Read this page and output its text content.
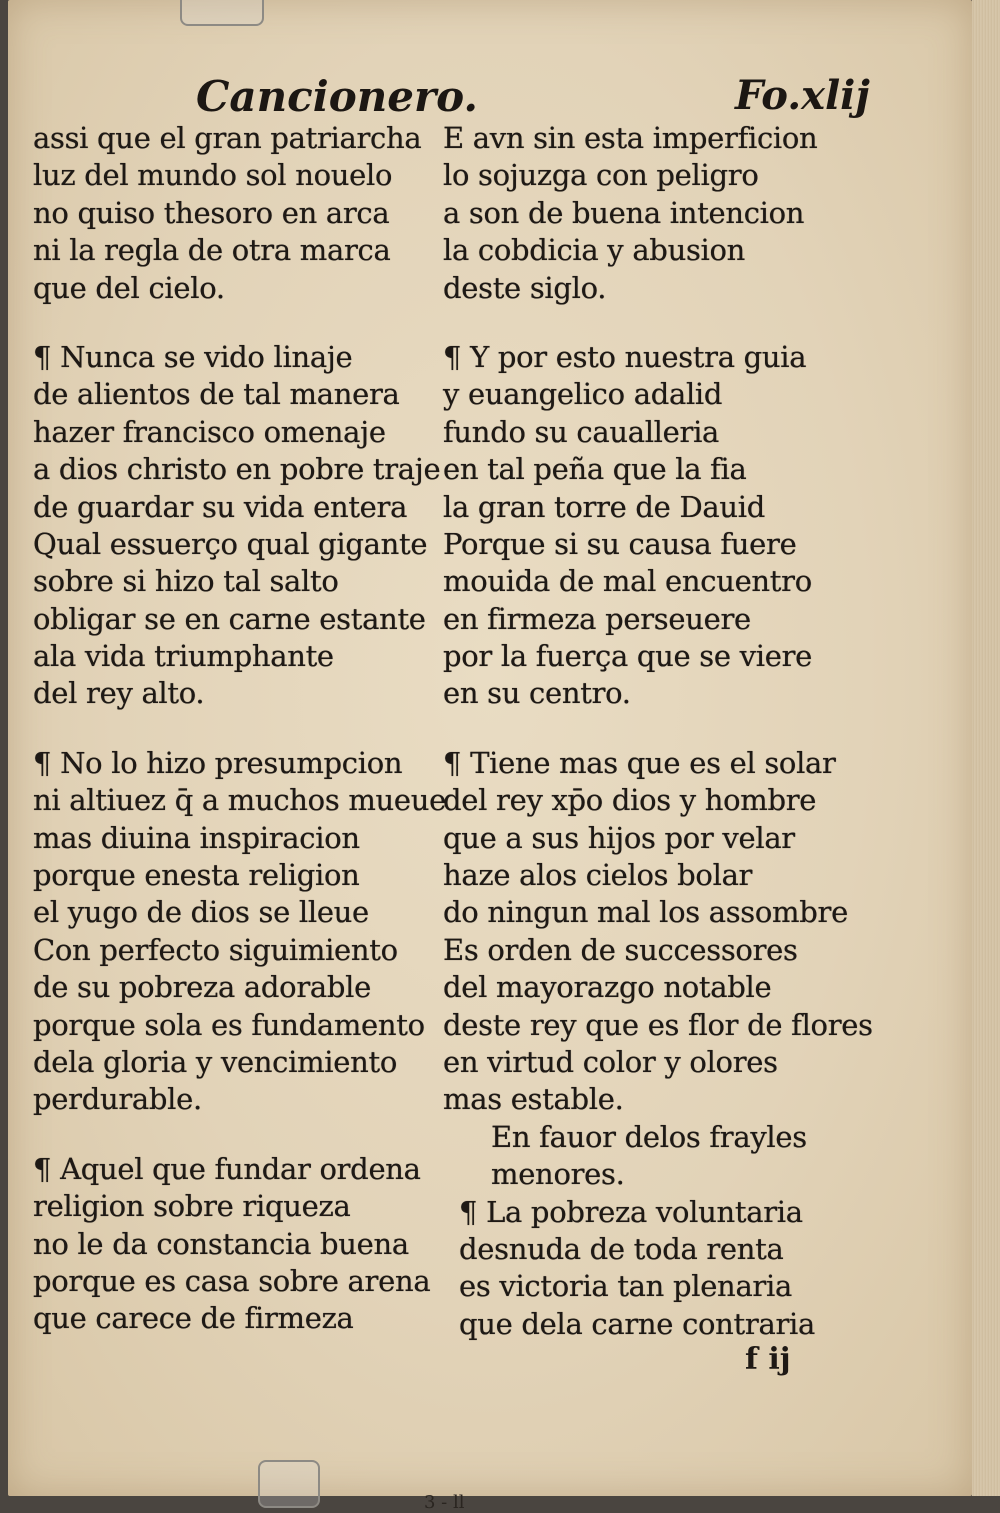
Cancionero.	Fo.xlij
assi que el gran patriarcha
luz del mundo sol nouelo
no quiso thesoro en arca
ni la regla de otra marca
que del cielo.
¶ Nunca se vido linaje
de alientos de tal manera
hazer francisco omenaje
a dios christo en pobre traje
de guardar su vida entera
Qual essuerço qual gigante
sobre si hizo tal salto
obligar se en carne estante
ala vida triumphante
del rey alto.
¶ No lo hizo presumpcion
ni altiuez q̄ a muchos mueue
mas diuina inspiracion
porque enesta religion
el yugo de dios se lleue
Con perfecto siguimiento
de su pobreza adorable
porque sola es fundamento
dela gloria y vencimiento
perdurable.
¶ Aquel que fundar ordena
religion sobre riqueza
no le da constancia buena
porque es casa sobre arena
que carece de firmeza
E avn sin esta imperficion
lo sojuzga con peligro
a son de buena intencion
la cobdicia y abusion
deste siglo.
¶ Y por esto nuestra guia
y euangelico adalid
fundo su caualleria
en tal peña que la fia
la gran torre de Dauid
Porque si su causa fuere
mouida de mal encuentro
en firmeza perseuere
por la fuerça que se viere
en su centro.
¶ Tiene mas que es el solar
del rey xp̄o dios y hombre
que a sus hijos por velar
haze alos cielos bolar
do ningun mal los assombre
Es orden de successores
del mayorazgo notable
deste rey que es flor de flores
en virtud color y olores
mas estable.
En fauor delos frayles
menores.
¶ La pobreza voluntaria
desnuda de toda renta
es victoria tan plenaria
que dela carne contraria
f ij
3 - ll
